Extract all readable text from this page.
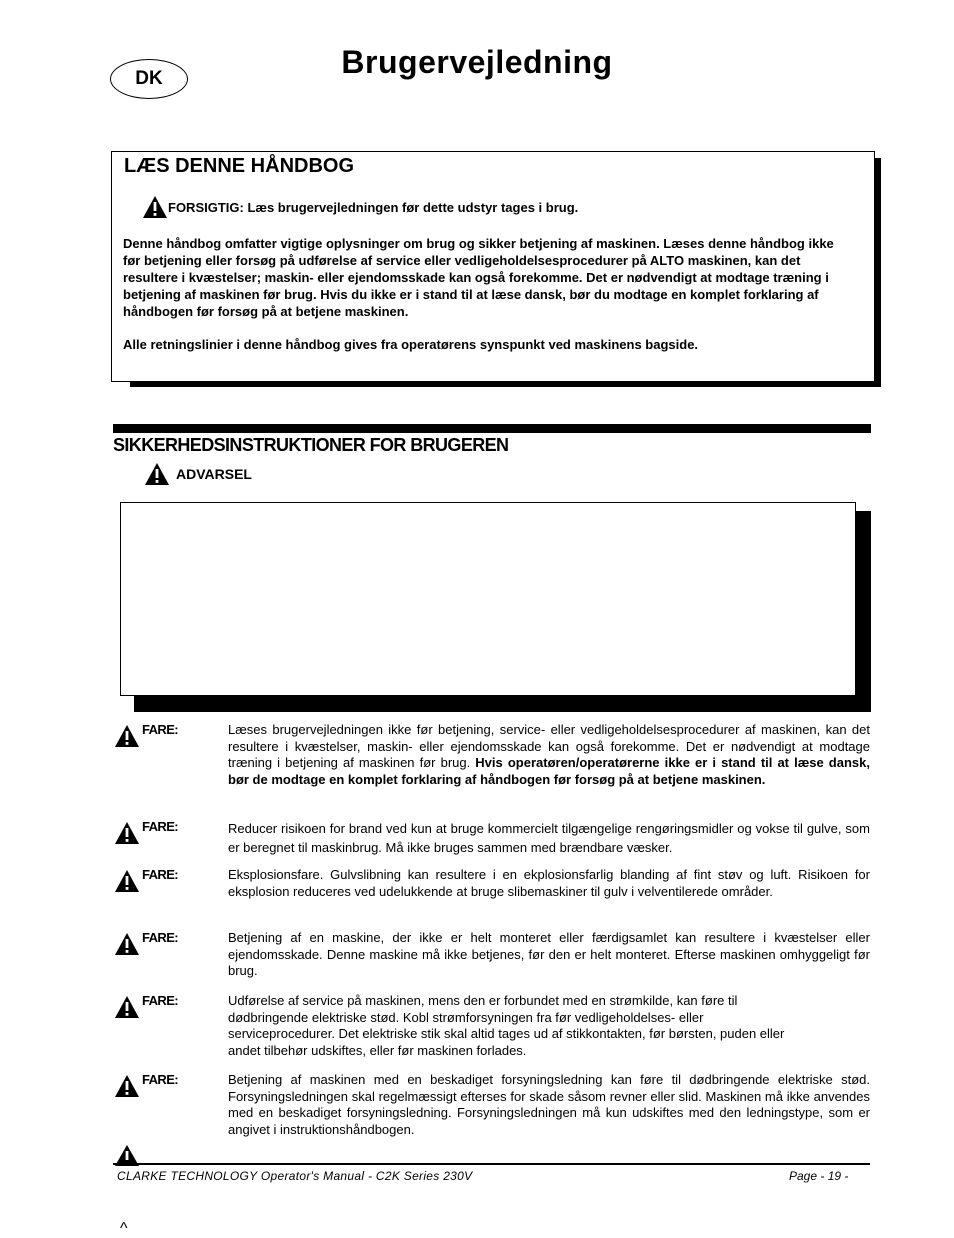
Brugervejledning
DK
LÆS DENNE HÅNDBOG
FORSIGTIG: Læs brugervejledningen før dette udstyr tages i brug.
Denne håndbog omfatter vigtige oplysninger om brug og sikker betjening af maskinen. Læses denne håndbog ikke før betjening eller forsøg på udførelse af service eller vedligeholdelsesprocedurer på ALTO maskinen, kan det resultere i kvæstelser; maskin- eller ejendomsskade kan også forekomme. Det er nødvendigt at modtage træning i betjening af maskinen før brug. Hvis du ikke er i stand til at læse dansk, bør du modtage en komplet forklaring af håndbogen før forsøg på at betjene maskinen.
Alle retningslinier i denne håndbog gives fra operatørens synspunkt ved maskinens bagside.
SIKKERHEDSINSTRUKTIONER FOR BRUGEREN
ADVARSEL
FARE:	Læses brugervejledningen ikke før betjening, service- eller vedligeholdelsesprocedurer af maskinen, kan det resultere i kvæstelser, maskin- eller ejendomsskade kan også forekomme. Det er nødvendigt at modtage træning i betjening af maskinen før brug. Hvis operatøren/operatørerne ikke er i stand til at læse dansk, bør de modtage en komplet forklaring af håndbogen før forsøg på at betjene maskinen.
FARE:	Reducer risikoen for brand ved kun at bruge kommercielt tilgængelige rengøringsmidler og vokse til gulve, som er beregnet til maskinbrug. Må ikke bruges sammen med brændbare væsker.
FARE:	Eksplosionsfare. Gulvslibning kan resultere i en ekplosionsfarlig blanding af fint støv og luft. Risikoen for eksplosion reduceres ved udelukkende at bruge slibemaskiner til gulv i velventilerede områder.
FARE:	Betjening af en maskine, der ikke er helt monteret eller færdigsamlet kan resultere i kvæstelser eller ejendomsskade. Denne maskine må ikke betjenes, før den er helt monteret. Efterse maskinen omhyggeligt før brug.
FARE:	Udførelse af service på maskinen, mens den er forbundet med en strømkilde, kan føre til dødbringende elektriske stød. Kobl strømforsyningen fra før vedligeholdelses- eller serviceprocedurer. Det elektriske stik skal altid tages ud af stikkontakten, før børsten, puden eller andet tilbehør udskiftes, eller før maskinen forlades.
FARE:	Betjening af maskinen med en beskadiget forsyningsledning kan føre til dødbringende elektriske stød. Forsyningsledningen skal regelmæssigt efterses for skade såsom revner eller slid. Maskinen må ikke anvendes med en beskadiget forsyningsledning. Forsyningsledningen må kun udskiftes med den ledningstype, som er angivet i instruktionshåndbogen.
CLARKE TECHNOLOGY Operator's Manual - C2K Series 230V	Page - 19 -
^
